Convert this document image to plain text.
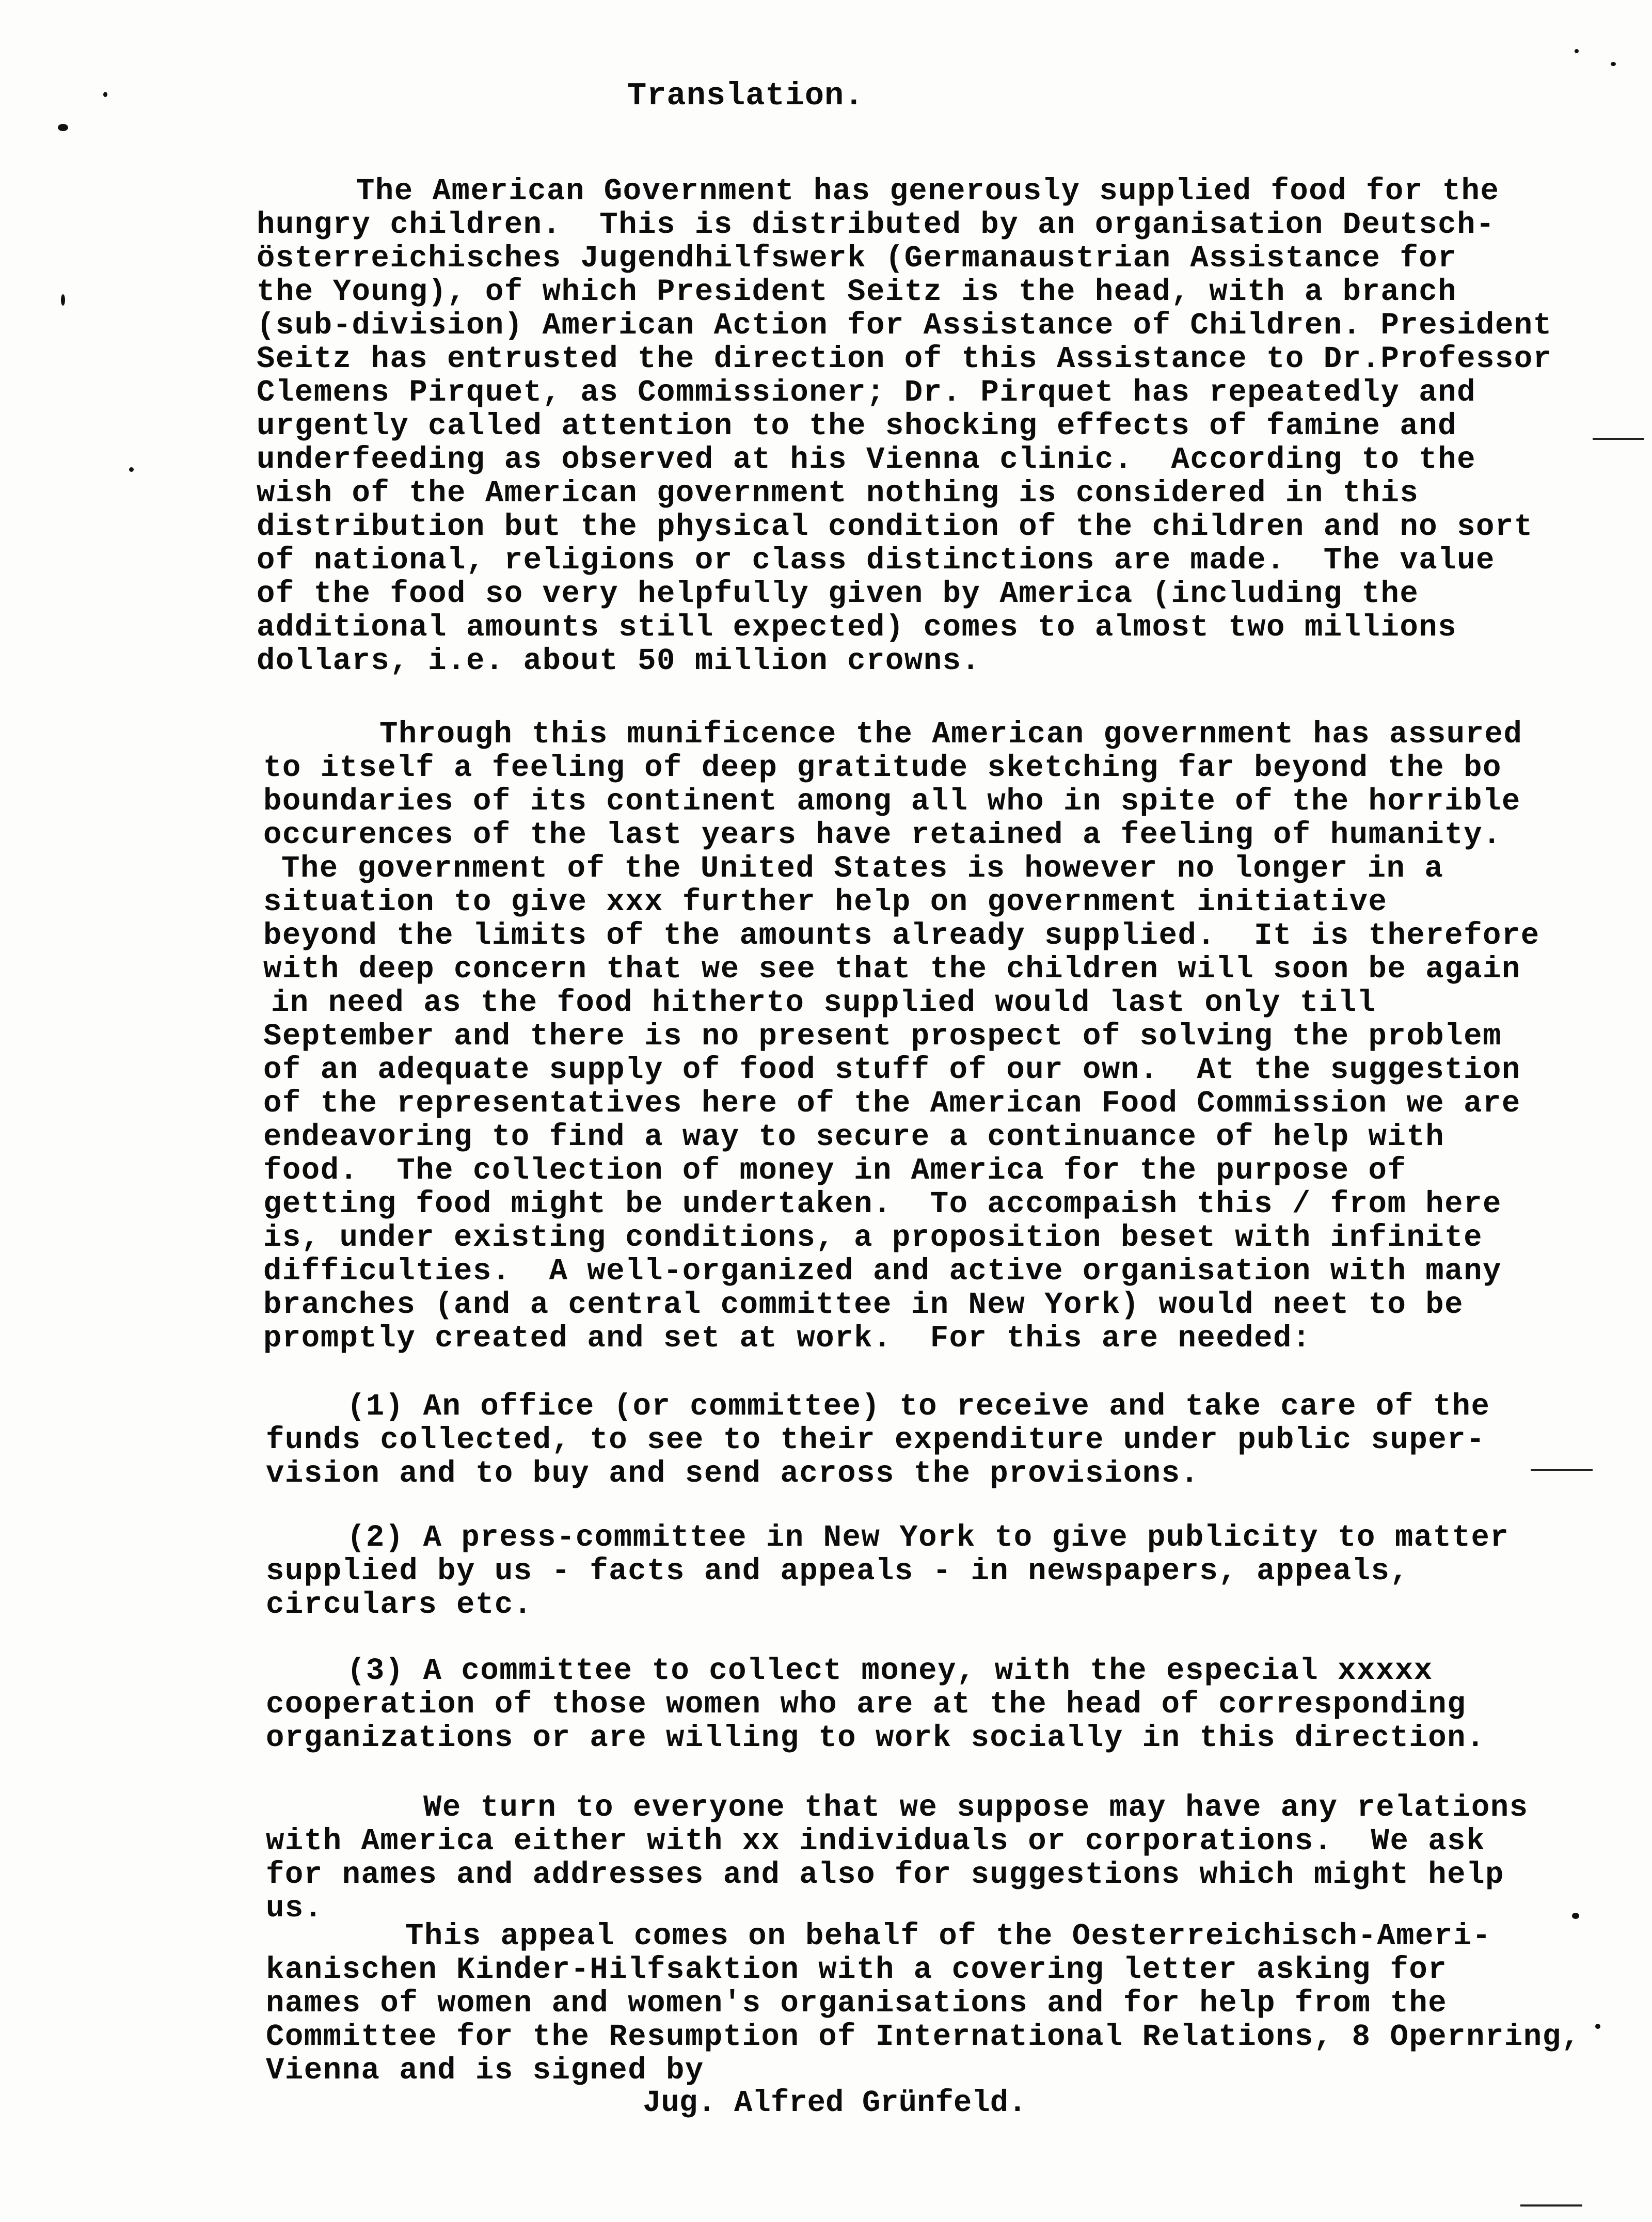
Translation.
The American Government has generously supplied food for the
hungry children.  This is distributed by an organisation Deutsch-
österreichisches Jugendhilfswerk (Germanaustrian Assistance for
the Young), of which President Seitz is the head, with a branch
(sub-division) American Action for Assistance of Children. President
Seitz has entrusted the direction of this Assistance to Dr.Professor
Clemens Pirquet, as Commissioner; Dr. Pirquet has repeatedly and
urgently called attention to the shocking effects of famine and
underfeeding as observed at his Vienna clinic.  According to the
wish of the American government nothing is considered in this
distribution but the physical condition of the children and no sort
of national, religions or class distinctions are made.  The value
of the food so very helpfully given by America (including the
additional amounts still expected) comes to almost two millions
dollars, i.e. about 50 million crowns.
Through this munificence the American government has assured
to itself a feeling of deep gratitude sketching far beyond the bo
boundaries of its continent among all who in spite of the horrible
occurences of the last years have retained a feeling of humanity.
The government of the United States is however no longer in a
situation to give xxx further help on government initiative
beyond the limits of the amounts already supplied.  It is therefore
with deep concern that we see that the children will soon be again
in need as the food hitherto supplied would last only till
September and there is no present prospect of solving the problem
of an adequate supply of food stuff of our own.  At the suggestion
of the representatives here of the American Food Commission we are
endeavoring to find a way to secure a continuance of help with
food.  The collection of money in America for the purpose of
getting food might be undertaken.  To accompaish this / from here
is, under existing conditions, a proposition beset with infinite
difficulties.  A well-organized and active organisation with many
branches (and a central committee in New York) would neet to be
promptly created and set at work.  For this are needed:
(1) An office (or committee) to receive and take care of the
funds collected, to see to their expenditure under public super-
vision and to buy and send across the provisions.
(2) A press-committee in New York to give publicity to matter
supplied by us - facts and appeals - in newspapers, appeals,
circulars etc.
(3) A committee to collect money, with the especial xxxxx
cooperation of those women who are at the head of corresponding
organizations or are willing to work socially in this direction.
We turn to everyone that we suppose may have any relations
with America either with xx individuals or corporations.  We ask
for names and addresses and also for suggestions which might help
us.
This appeal comes on behalf of the Oesterreichisch-Ameri-
kanischen Kinder-Hilfsaktion with a covering letter asking for
names of women and women's organisations and for help from the
Committee for the Resumption of International Relations, 8 Opernring,
Vienna and is signed by
Jug. Alfred Grünfeld.
